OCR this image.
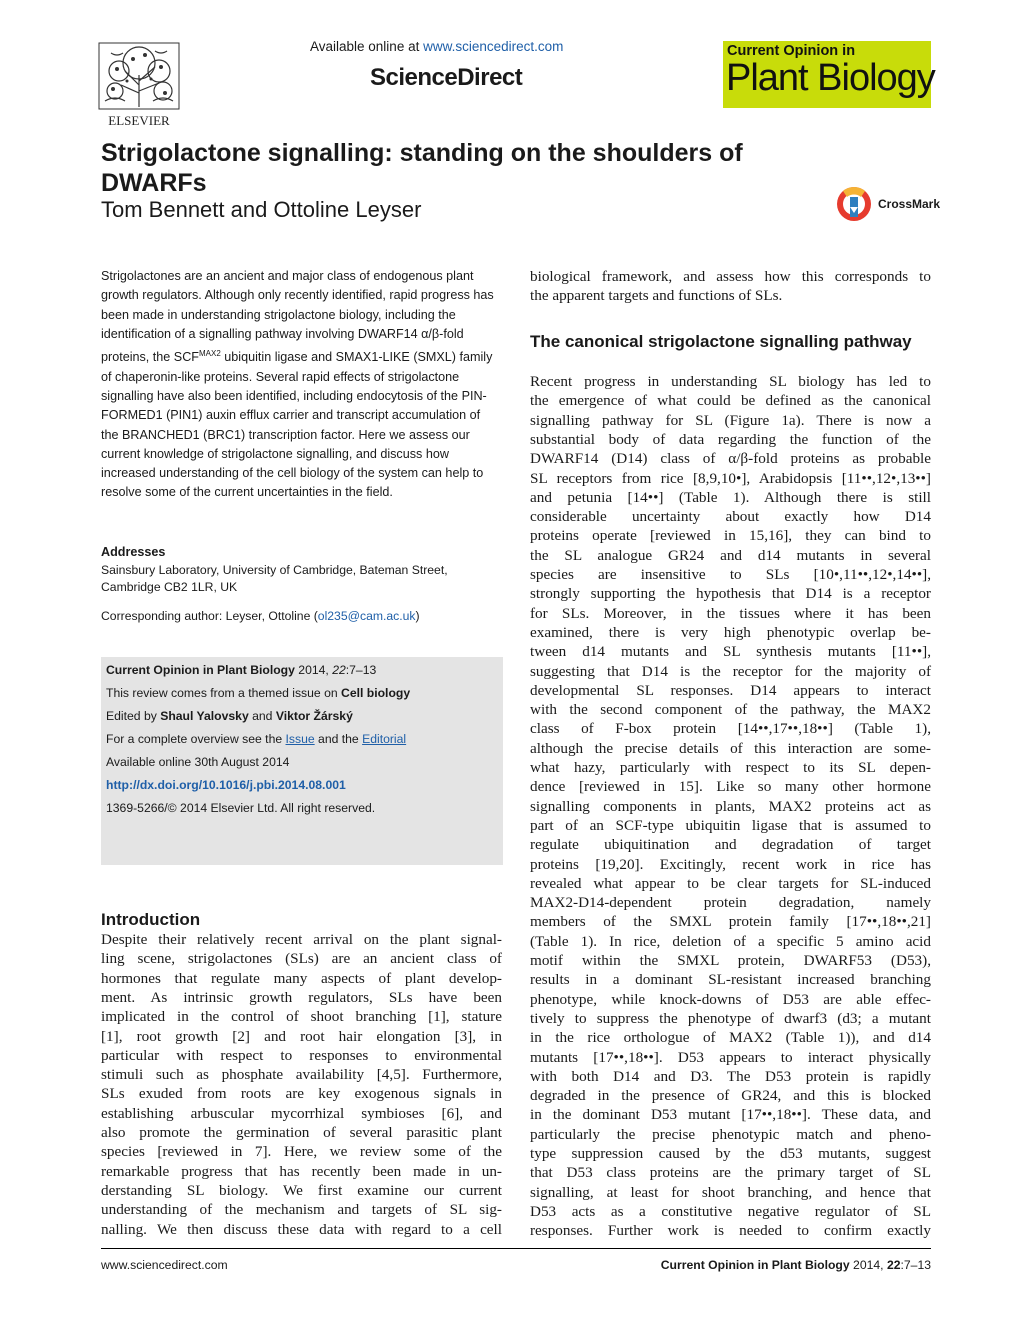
ELSEVIER
Available online at www.sciencedirect.com
ScienceDirect
Current Opinion in
Plant Biology
Strigolactone signalling: standing on the shoulders of DWARFs
Tom Bennett and Ottoline Leyser	CrossMark

Strigolactones are an ancient and major class of endogenous plant growth regulators. Although only recently identified, rapid progress has been made in understanding strigolactone biology, including the identification of a signalling pathway involving DWARF14 α/β-fold proteins, the $SCF^{MAX2}$ ubiquitin ligase and SMAX1-LIKE (SMXL) family of chaperonin-like proteins. Several rapid effects of strigolactone signalling have also been identified, including endocytosis of the PIN-FORMED1 (PIN1) auxin efflux carrier and transcript accumulation of the BRANCHED1 (BRC1) transcription factor. Here we assess our current knowledge of strigolactone signalling, and discuss how increased understanding of the cell biology of the system can help to resolve some of the current uncertainties in the field.

Addresses

Sainsbury Laboratory, University of Cambridge, Bateman Street, Cambridge CB2 1LR, UK
Corresponding author: Leyser, Ottoline (ol235@cam.ac.uk)
Current Opinion in Plant Biology 2014, 22:7–13
This review comes from a themed issue on Cell biology
Edited by Shaul Yalovsky and Viktor Žárský
For a complete overview see the Issue and the Editorial
Available online 30th August 2014
http://dx.doi.org/10.1016/j.pbi.2014.08.001
1369-5266/© 2014 Elsevier Ltd. All right reserved.
Introduction

Despite their relatively recent arrival on the plant signal-

ling scene, strigolactones (SLs) are an ancient class of

hormones that regulate many aspects of plant develop-

ment. As intrinsic growth regulators, SLs have been

implicated in the control of shoot branching [1], stature

[1], root growth [2] and root hair elongation [3], in

particular with respect to responses to environmental

stimuli such as phosphate availability [4,5]. Furthermore,

SLs exuded from roots are key exogenous signals in

establishing arbuscular mycorrhizal symbioses [6], and

also promote the germination of several parasitic plant

species [reviewed in 7]. Here, we review some of the

remarkable progress that has recently been made in un-

derstanding SL biology. We first examine our current

understanding of the mechanism and targets of SL sig-

nalling. We then discuss these data with regard to a cell

biological framework, and assess how this corresponds to

the apparent targets and functions of SLs.

The canonical strigolactone signalling pathway

Recent progress in understanding SL biology has led to

the emergence of what could be defined as the canonical

signalling pathway for SL (Figure 1a). There is now a

substantial body of data regarding the function of the

DWARF14 (D14) class of α/β-fold proteins as probable

SL receptors from rice [8,9,10•], Arabidopsis [11••,12•,13••]

and petunia [14••] (Table 1). Although there is still

considerable uncertainty about exactly how D14

proteins operate [reviewed in 15,16], they can bind to

the SL analogue GR24 and d14 mutants in several

species are insensitive to SLs [10•,11••,12•,14••],

strongly supporting the hypothesis that D14 is a receptor

for SLs. Moreover, in the tissues where it has been

examined, there is very high phenotypic overlap be-

tween d14 mutants and SL synthesis mutants [11••],

suggesting that D14 is the receptor for the majority of

developmental SL responses. D14 appears to interact

with the second component of the pathway, the MAX2

class of F-box protein [14••,17••,18••] (Table 1),

although the precise details of this interaction are some-

what hazy, particularly with respect to its SL depen-

dence [reviewed in 15]. Like so many other hormone

signalling components in plants, MAX2 proteins act as

part of an SCF-type ubiquitin ligase that is assumed to

regulate ubiquitination and degradation of target

proteins [19,20]. Excitingly, recent work in rice has

revealed what appear to be clear targets for SL-induced

MAX2-D14-dependent protein degradation, namely

members of the SMXL protein family [17••,18••,21]

(Table 1). In rice, deletion of a specific 5 amino acid

motif within the SMXL protein, DWARF53 (D53),

results in a dominant SL-resistant increased branching

phenotype, while knock-downs of D53 are able effec-

tively to suppress the phenotype of dwarf3 (d3; a mutant

in the rice orthologue of MAX2 (Table 1)), and d14

mutants [17••,18••]. D53 appears to interact physically

with both D14 and D3. The D53 protein is rapidly

degraded in the presence of GR24, and this is blocked

in the dominant D53 mutant [17••,18••]. These data, and

particularly the precise phenotypic match and pheno-

type suppression caused by the d53 mutants, suggest

that D53 class proteins are the primary target of SL

signalling, at least for shoot branching, and hence that

D53 acts as a constitutive negative regulator of SL

responses. Further work is needed to confirm exactly

www.sciencedirect.com	Current Opinion in Plant Biology 2014, 22:7–13
